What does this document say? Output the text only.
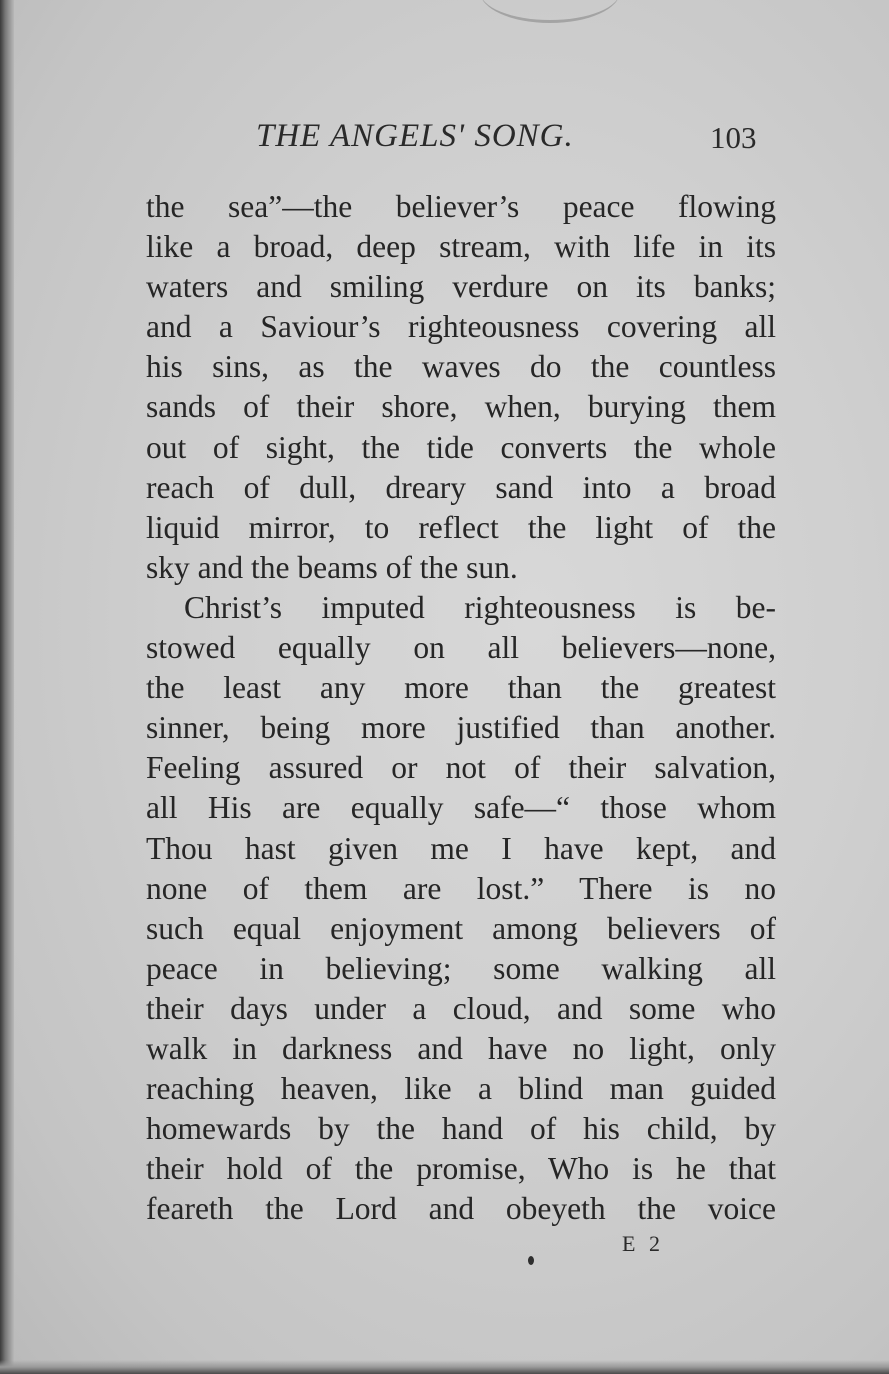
THE ANGELS' SONG.	103
the sea”—the believer’s peace flowing
like a broad, deep stream, with life in its
waters and smiling verdure on its banks;
and a Saviour’s righteousness covering all
his sins, as the waves do the countless
sands of their shore, when, burying them
out of sight, the tide converts the whole
reach of dull, dreary sand into a broad
liquid mirror, to reflect the light of the
sky and the beams of the sun.
Christ’s imputed righteousness is be-
stowed equally on all believers—none,
the least any more than the greatest
sinner, being more justified than another.
Feeling assured or not of their salvation,
all His are equally safe—“ those whom
Thou hast given me I have kept, and
none of them are lost.” There is no
such equal enjoyment among believers of
peace in believing; some walking all
their days under a cloud, and some who
walk in darkness and have no light, only
reaching heaven, like a blind man guided
homewards by the hand of his child, by
their hold of the promise, Who is he that
feareth the Lord and obeyeth the voice
E 2
